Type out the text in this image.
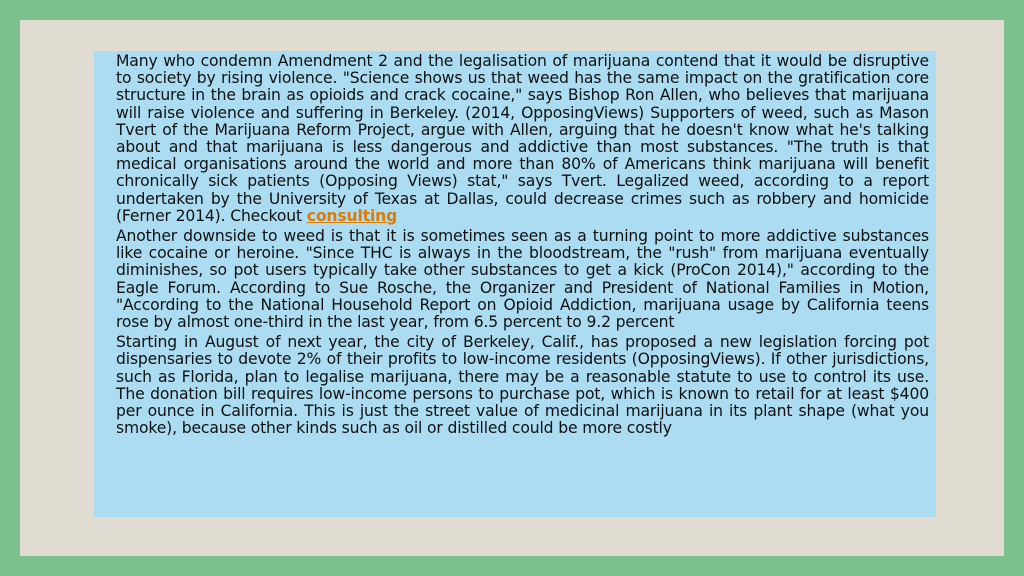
Many who condemn Amendment 2 and the legalisation of marijuana contend that it would be disruptive to society by rising violence. "Science shows us that weed has the same impact on the gratification core structure in the brain as opioids and crack cocaine," says Bishop Ron Allen, who believes that marijuana will raise violence and suffering in Berkeley. (2014, OpposingViews) Supporters of weed, such as Mason Tvert of the Marijuana Reform Project, argue with Allen, arguing that he doesn't know what he's talking about and that marijuana is less dangerous and addictive than most substances. "The truth is that medical organisations around the world and more than 80% of Americans think marijuana will benefit chronically sick patients (Opposing Views) stat," says Tvert. Legalized weed, according to a report undertaken by the University of Texas at Dallas, could decrease crimes such as robbery and homicide (Ferner 2014). Checkout consulting

Another downside to weed is that it is sometimes seen as a turning point to more addictive substances like cocaine or heroine. "Since THC is always in the bloodstream, the "rush" from marijuana eventually diminishes, so pot users typically take other substances to get a kick (ProCon 2014)," according to the Eagle Forum. According to Sue Rosche, the Organizer and President of National Families in Motion, "According to the National Household Report on Opioid Addiction, marijuana usage by California teens rose by almost one-third in the last year, from 6.5 percent to 9.2 percent

Starting in August of next year, the city of Berkeley, Calif., has proposed a new legislation forcing pot dispensaries to devote 2% of their profits to low-income residents (OpposingViews). If other jurisdictions, such as Florida, plan to legalise marijuana, there may be a reasonable statute to use to control its use. The donation bill requires low-income persons to purchase pot, which is known to retail for at least $400 per ounce in California. This is just the street value of medicinal marijuana in its plant shape (what you smoke), because other kinds such as oil or distilled could be more costly
